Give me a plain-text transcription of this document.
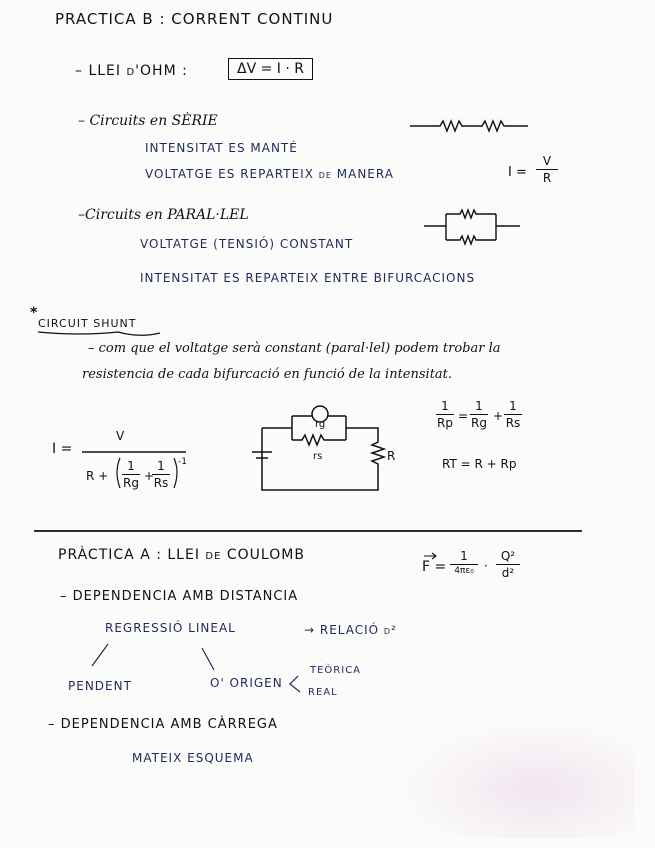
PRACTICA B : CORRENT CONTINU
– LLEI d'OHM :	ΔV = I · R
– Circuits en SÈRIE
INTENSITAT ES MANTÉ
VOLTATGE ES REPARTEIX de MANERA	I =
V
R
–Circuits en PARAL·LEL
VOLTATGE (TENSIÓ) CONSTANT
INTENSITAT ES REPARTEIX ENTRE BIFURCACIONS
*
CIRCUIT SHUNT
– com que el voltatge serà constant (paral·lel) podem trobar la
resistencia de cada bifurcació en funció de la intensitat.
I =
V
R +
1
Rg +
1
Rs
-1
rg
rs	R
1/Rp = 1/Rg + 1/Rs
1
Rp =
1
Rg +
1
Rs
RT = R + Rp
PRÀCTICA A : LLEI de COULOMB
F =
1
4πε₀ ·
Q²
d²
– DEPENDENCIA AMB DISTANCIA
REGRESSIÓ LINEAL	→ RELACIÓ d²
PENDENT	O' ORIGEN
TEÒRICA
REAL
– DEPENDENCIA AMB CÀRREGA
MATEIX ESQUEMA
